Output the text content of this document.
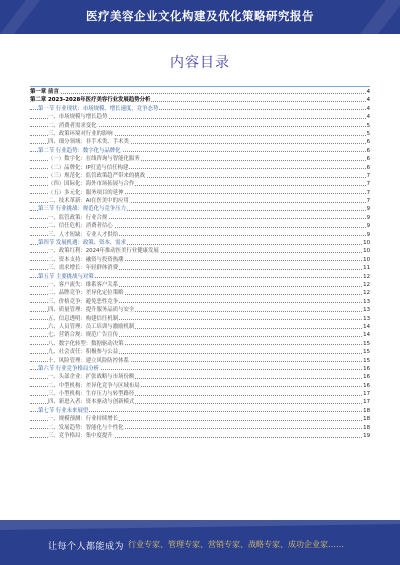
医疗美容企业文化构建及优化策略研究报告
内容目录
第一章 前言	4
第二章 2023-2028年医疗美容行业发展趋势分析	4
第一节 行业现状：市场规模、增长速度、竞争态势	4
一、市场规模与增长趋势	4
二、消费者需求变化	5
三、政策环境对行业的影响	5
四、细分领域：非手术类、手术类	6
第二节 行业趋势：数字化与品牌化	6
（一）数字化：在线咨询与智能化服务	6
（二）品牌化：IP打造与信任构建	6
（三）规范化：监管政策趋严带来的挑战	7
（四）国际化：海外市场拓展与合作	7
（五）多元化：服务项目的延伸	7
二、技术革新：AI在医美中的应用	7
第三节 行业挑战：规范化与竞争压力	9
一、监管政策：行业合规	9
二、信任危机：消费者信心	9
三、人才短缺：专业人才供给	9
第四节 发展机遇：政策、资本、需求	10
一、政策红利：2024年推动医美行业健康发展	10
二、资本支持：融资与投资热潮	10
三、需求增长：年轻群体消费	11
第五节 主要挑战与对策	12
一、客户流失：维系客户关系	12
二、品牌竞争：差异化定位策略	12
三、价格竞争：避免恶性竞争	13
四、质量管理：提升服务品质与安全	13
五、信息透明：构建信任机制	13
六、人员管理：员工培训与激励机制	14
七、营销合规：规范广告宣传	14
八、数字化转型：数据驱动决策	15
九、社会责任：积极参与公益	15
十、风险管理：建立风险防控体系	15
第六节 行业竞争格局分析	16
一、头部企业：扩张战略与市场份额	16
二、中型机构：差异化竞争与区域布局	16
三、小型机构：生存压力与转型路径	17
四、新进入者：资本驱动与创新模式	17
第七节 行业未来展望	18
一、规模预测：行业持续增长	18
二、发展趋势：智能化与个性化	18
三、竞争格局：集中度提升	19
让每个人都能成为 行业专家、管理专家、营销专家、战略专家、成功企业家……
